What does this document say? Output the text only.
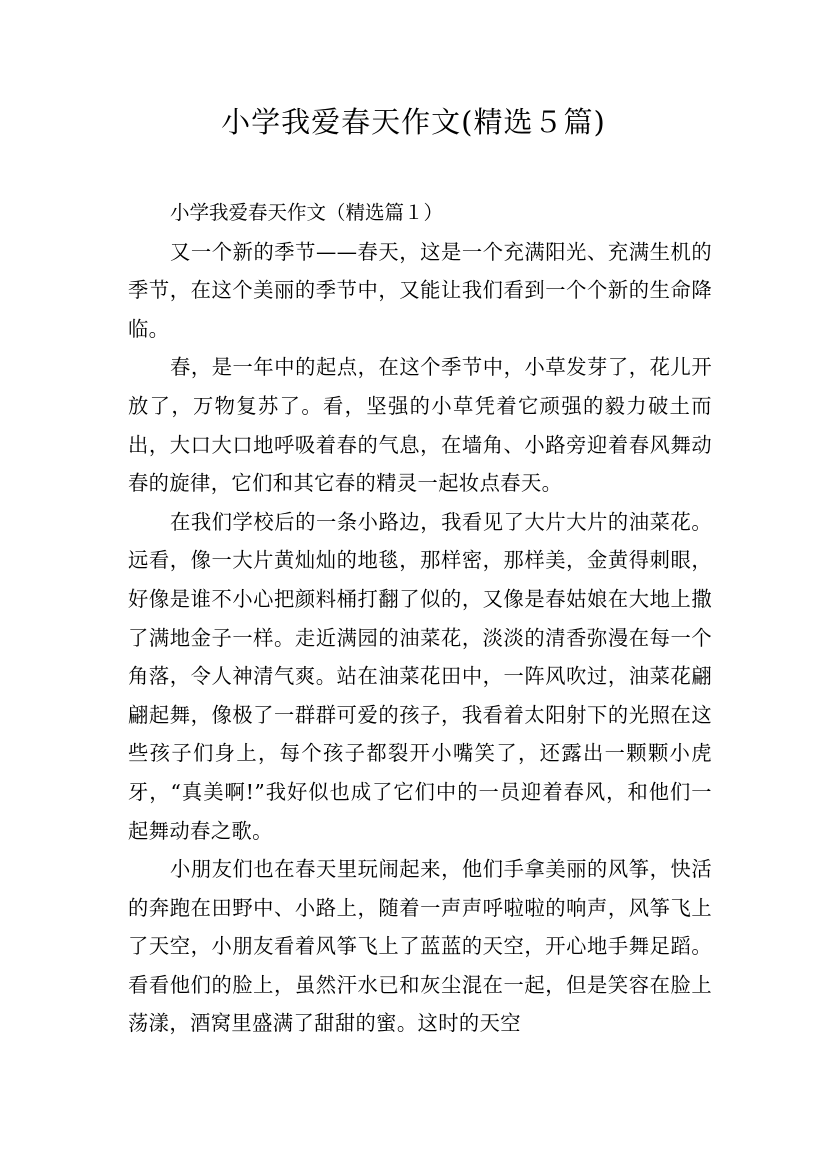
小学我爱春天作文(精选５篇)

小学我爱春天作文（精选篇１）

又一个新的季节——春天，这是一个充满阳光、充满生机的季节，在这个美丽的季节中，又能让我们看到一个个新的生命降临。

春，是一年中的起点，在这个季节中，小草发芽了，花儿开放了，万物复苏了。看，坚强的小草凭着它顽强的毅力破土而出，大口大口地呼吸着春的气息，在墙角、小路旁迎着春风舞动春的旋律，它们和其它春的精灵一起妆点春天。

在我们学校后的一条小路边，我看见了大片大片的油菜花。远看，像一大片黄灿灿的地毯，那样密，那样美，金黄得刺眼，好像是谁不小心把颜料桶打翻了似的，又像是春姑娘在大地上撒了满地金子一样。走近满园的油菜花，淡淡的清香弥漫在每一个角落，令人神清气爽。站在油菜花田中，一阵风吹过，油菜花翩翩起舞，像极了一群群可爱的孩子，我看着太阳射下的光照在这些孩子们身上，每个孩子都裂开小嘴笑了，还露出一颗颗小虎牙，“真美啊!”我好似也成了它们中的一员迎着春风，和他们一起舞动春之歌。

小朋友们也在春天里玩闹起来，他们手拿美丽的风筝，快活的奔跑在田野中、小路上，随着一声声呼啦啦的响声，风筝飞上了天空，小朋友看着风筝飞上了蓝蓝的天空，开心地手舞足蹈。看看他们的脸上，虽然汗水已和灰尘混在一起，但是笑容在脸上荡漾，酒窝里盛满了甜甜的蜜。这时的天空
